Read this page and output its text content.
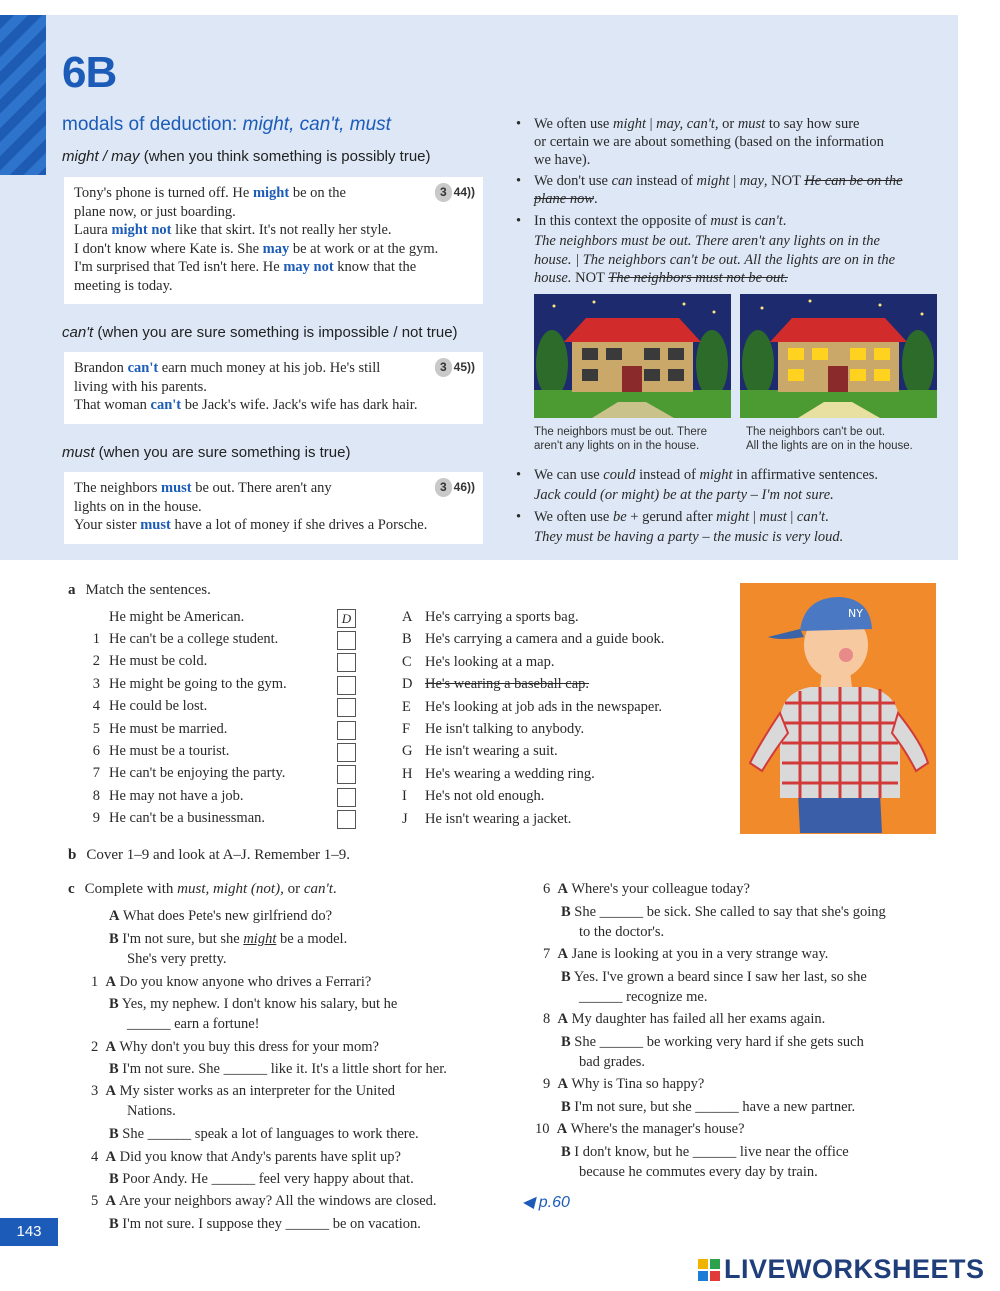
6B
modals of deduction: might, can't, must
might / may (when you think something is possibly true)
3 44))
Tony's phone is turned off. He might be on the
plane now, or just boarding.
Laura might not like that skirt. It's not really her style.
I don't know where Kate is. She may be at work or at the gym.
I'm surprised that Ted isn't here. He may not know that the
meeting is today.
can't (when you are sure something is impossible / not true)
3 45))
Brandon can't earn much money at his job. He's still
living with his parents.
That woman can't be Jack's wife. Jack's wife has dark hair.
must (when you are sure something is true)
3 46))
The neighbors must be out. There aren't any
lights on in the house.
Your sister must have a lot of money if she drives a Porsche.
• We often use might | may, can't, or must to say how sure
or certain we are about something (based on the information
we have).
• We don't use can instead of might | may, NOT He can be on the
plane now.
• In this context the opposite of must is can't.
The neighbors must be out. There aren't any lights on in the
house. | The neighbors can't be out. All the lights are on in the
house. NOT The neighbors must not be out.
The neighbors must be out. There
aren't any lights on in the house.
The neighbors can't be out.
All the lights are on in the house.
• We can use could instead of might in affirmative sentences.
Jack could (or might) be at the party – I'm not sure.
• We often use be + gerund after might | must | can't.
They must be having a party – the music is very loud.
a Match the sentences.
He might be American.	D
1 He can't be a college student.
2 He must be cold.
3 He might be going to the gym.
4 He could be lost.
5 He must be married.
6 He must be a tourist.
7 He can't be enjoying the party.
8 He may not have a job.
9 He can't be a businessman.
A He's carrying a sports bag.
B He's carrying a camera and a guide book.
C He's looking at a map.
D He's wearing a baseball cap.
E He's looking at job ads in the newspaper.
F He isn't talking to anybody.
G He isn't wearing a suit.
H He's wearing a wedding ring.
I He's not old enough.
J He isn't wearing a jacket.
NY
b Cover 1–9 and look at A–J. Remember 1–9.
c Complete with must, might (not), or can't.
A What does Pete's new girlfriend do?
B I'm not sure, but she might be a model.
She's very pretty.
1  A Do you know anyone who drives a Ferrari?
B Yes, my nephew. I don't know his salary, but he
______ earn a fortune!
2  A Why don't you buy this dress for your mom?
B I'm not sure. She ______ like it. It's a little short for her.
3  A My sister works as an interpreter for the United
Nations.
B She ______ speak a lot of languages to work there.
4  A Did you know that Andy's parents have split up?
B Poor Andy. He ______ feel very happy about that.
5  A Are your neighbors away? All the windows are closed.
B I'm not sure. I suppose they ______ be on vacation.
6  A Where's your colleague today?
B She ______ be sick. She called to say that she's going
to the doctor's.
7  A Jane is looking at you in a very strange way.
B Yes. I've grown a beard since I saw her last, so she
______ recognize me.
8  A My daughter has failed all her exams again.
B She ______ be working very hard if she gets such
bad grades.
9  A Why is Tina so happy?
B I'm not sure, but she ______ have a new partner.
10  A Where's the manager's house?
B I don't know, but he ______ live near the office
because he commutes every day by train.
◀ p.60
143
LIVEWORKSHEETS
